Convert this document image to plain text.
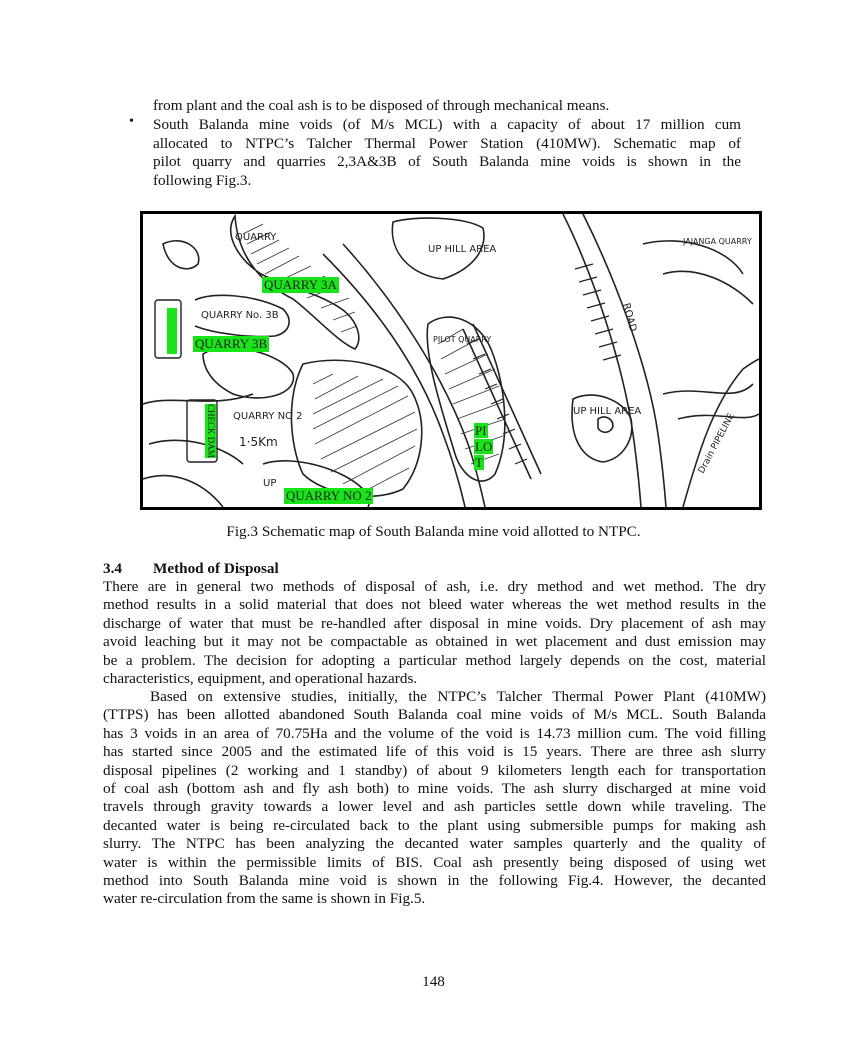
from plant and the coal ash is to be disposed of through mechanical means.
• South Balanda mine voids (of M/s MCL) with a capacity of about 17 million cum
allocated to NTPC’s Talcher Thermal Power Station (410MW). Schematic map of
pilot quarry and quarries 2,3A&3B of South Balanda mine voids is shown in the
following Fig.3.
QUARRY
UP HILL AREA
QUARRY No. 3B
QUARRY NO 2
1·5Km
UP HILL AREA
JAJANGA QUARRY
ROAD
PILOT QUARRY
UP
Drain PIPELINE
QUARRY 3A
QUARRY 3B
QUARRY NO 2
PI
LO
T
CHECK DAM
Fig.3 Schematic map of South Balanda mine void allotted to NTPC.
3.4 Method of Disposal
There are in general two methods of disposal of ash, i.e. dry method and wet method. The dry
method results in a solid material that does not bleed water whereas the wet method results in the
discharge of water that must be re-handled after disposal in mine voids. Dry placement of ash may
avoid leaching but it may not be compactable as obtained in wet placement and dust emission may
be a problem. The decision for adopting a particular method largely depends on the cost, material
characteristics, equipment, and operational hazards.
Based on extensive studies, initially, the NTPC’s Talcher Thermal Power Plant (410MW)
(TTPS) has been allotted abandoned South Balanda coal mine voids of M/s MCL. South Balanda
has 3 voids in an area of 70.75Ha and the volume of the void is 14.73 million cum. The void filling
has started since 2005 and the estimated life of this void is 15 years. There are three ash slurry
disposal pipelines (2 working and 1 standby) of about 9 kilometers length each for transportation
of coal ash (bottom ash and fly ash both) to mine voids. The ash slurry discharged at mine void
travels through gravity towards a lower level and ash particles settle down while traveling. The
decanted water is being re-circulated back to the plant using submersible pumps for making ash
slurry. The NTPC has been analyzing the decanted water samples quarterly and the quality of
water is within the permissible limits of BIS. Coal ash presently being disposed of using wet
method into South Balanda mine void is shown in the following Fig.4. However, the decanted
water re-circulation from the same is shown in Fig.5.
148
